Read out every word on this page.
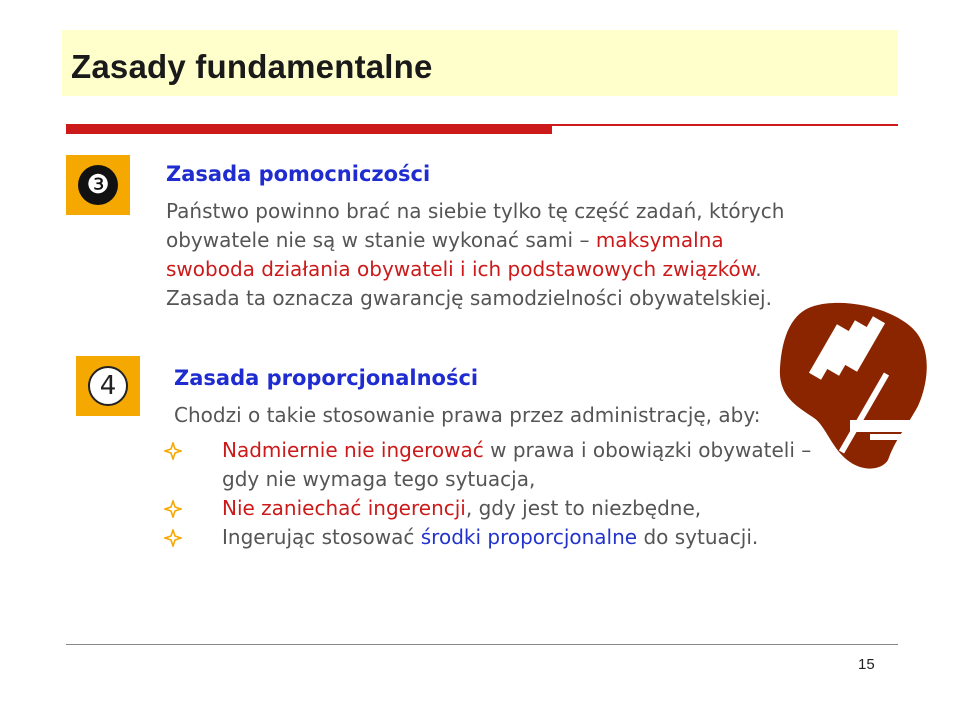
Zasady fundamentalne
❸	Zasada pomocniczości

Państwo powinno brać na siebie tylko tę część zadań, których obywatele nie są w stanie wykonać sami – maksymalna swoboda działania obywateli i ich podstawowych związków. Zasada ta oznacza gwarancję samodzielności obywatelskiej.

4	Zasada proporcjonalności

Chodzi o takie stosowanie prawa przez administrację, aby:

Nadmiernie nie ingerować w prawa i obowiązki obywateli – gdy nie wymaga tego sytuacja,
Nie zaniechać ingerencji, gdy jest to niezbędne,
Ingerując stosować środki proporcjonalne do sytuacji.
15
